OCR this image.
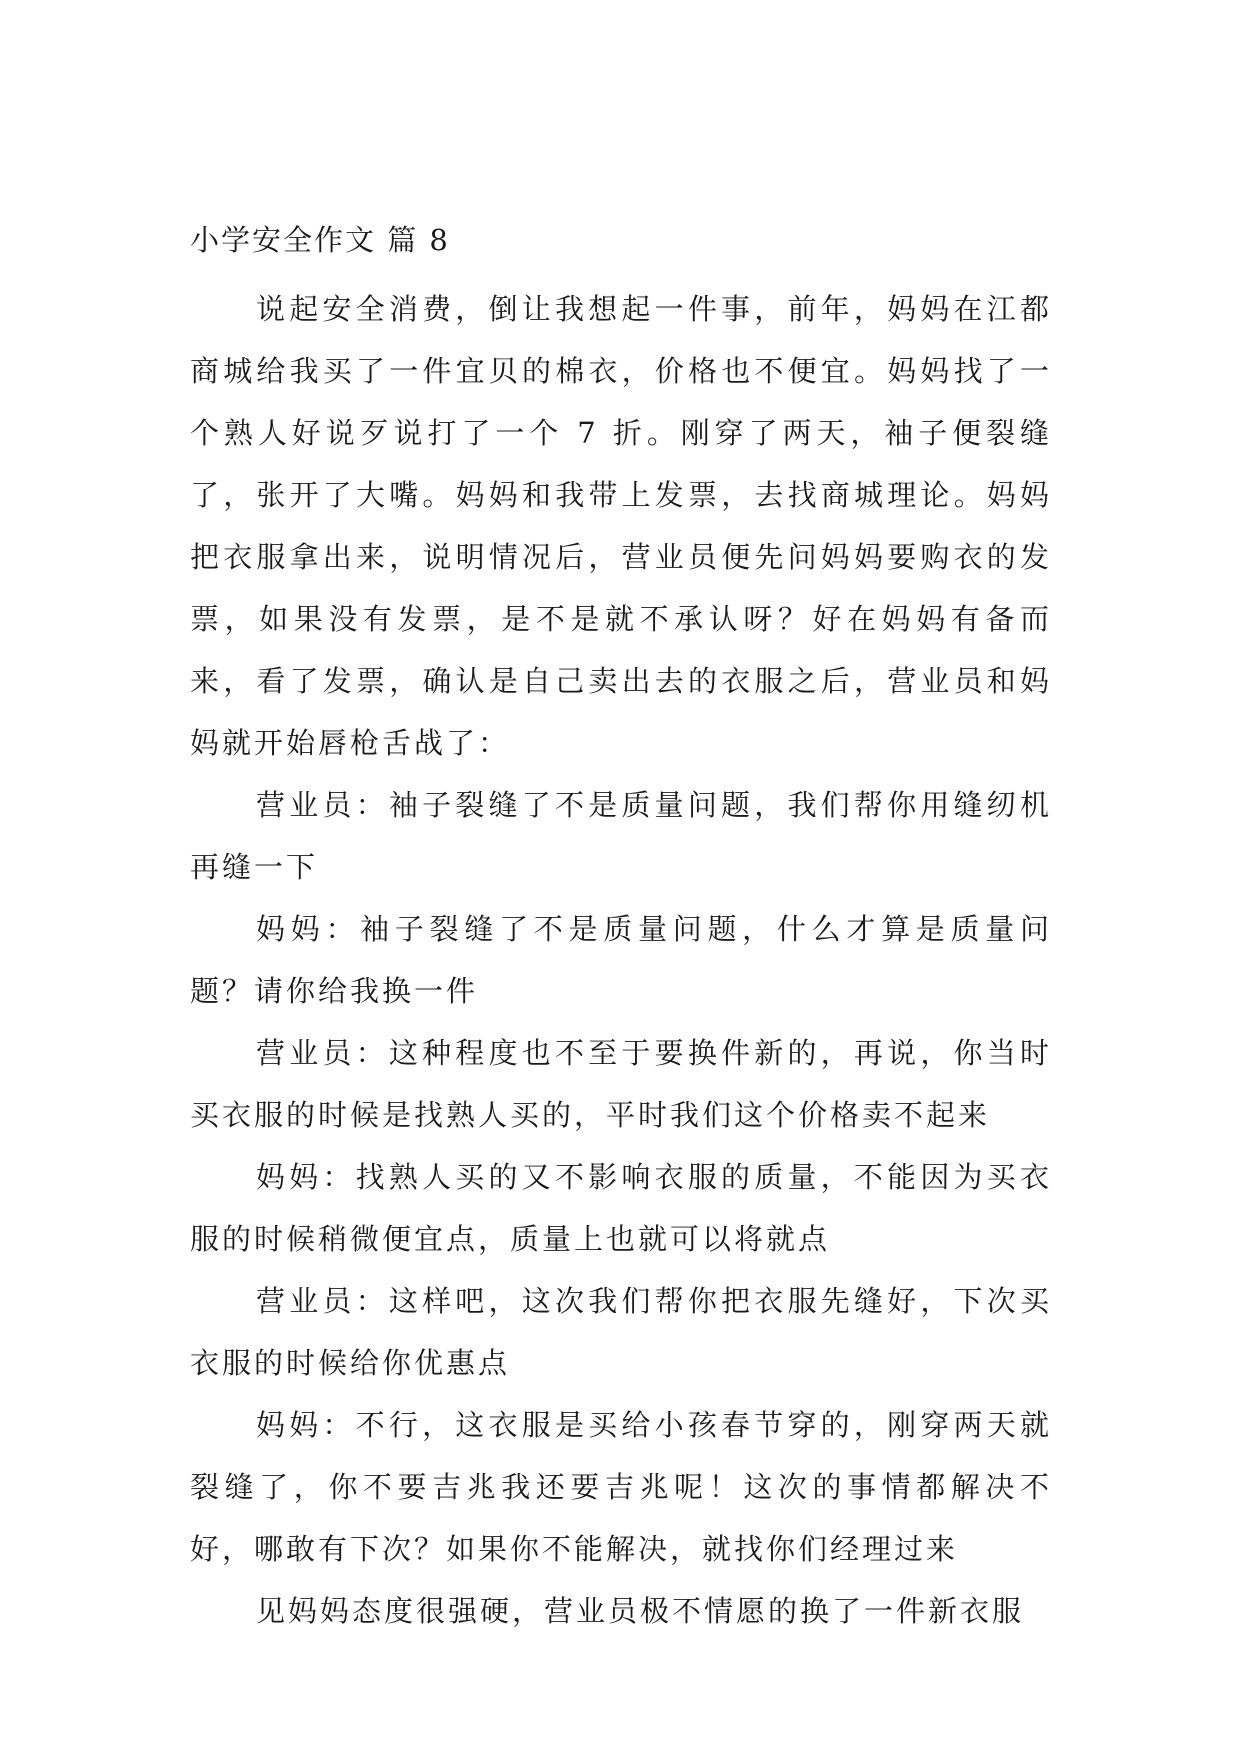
小学安全作文 篇 8

说起安全消费，倒让我想起一件事，前年，妈妈在江都商城给我买了一件宜贝的棉衣，价格也不便宜。妈妈找了一个熟人好说歹说打了一个 7 折。刚穿了两天，袖子便裂缝了，张开了大嘴。妈妈和我带上发票，去找商城理论。妈妈把衣服拿出来，说明情况后，营业员便先问妈妈要购衣的发票，如果没有发票，是不是就不承认呀？好在妈妈有备而来，看了发票，确认是自己卖出去的衣服之后，营业员和妈妈就开始唇枪舌战了：

营业员：袖子裂缝了不是质量问题，我们帮你用缝纫机再缝一下

妈妈：袖子裂缝了不是质量问题，什么才算是质量问题？请你给我换一件

营业员：这种程度也不至于要换件新的，再说，你当时买衣服的时候是找熟人买的，平时我们这个价格卖不起来

妈妈：找熟人买的又不影响衣服的质量，不能因为买衣服的时候稍微便宜点，质量上也就可以将就点

营业员：这样吧，这次我们帮你把衣服先缝好，下次买衣服的时候给你优惠点

妈妈：不行，这衣服是买给小孩春节穿的，刚穿两天就裂缝了，你不要吉兆我还要吉兆呢！这次的事情都解决不好，哪敢有下次？如果你不能解决，就找你们经理过来

见妈妈态度很强硬，营业员极不情愿的换了一件新衣服
